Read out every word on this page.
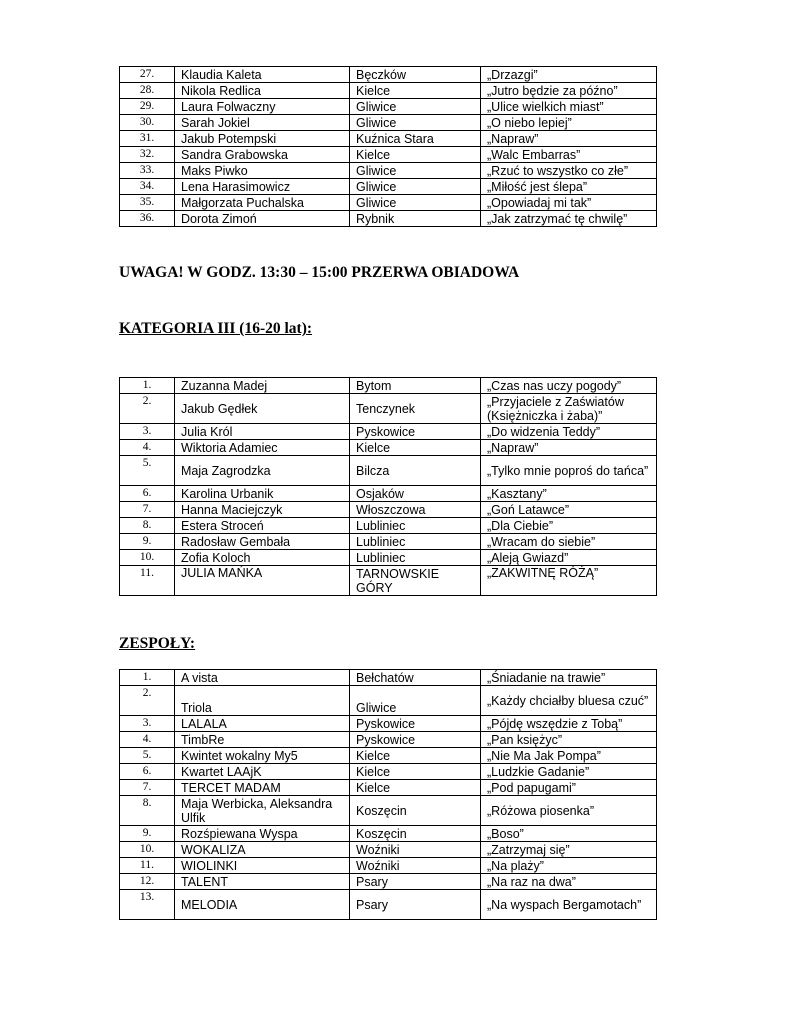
27.	Klaudia Kaleta	Bęczków	„Drzazgi”
28.	Nikola Redlica	Kielce	„Jutro będzie za późno”
29.	Laura Folwaczny	Gliwice	„Ulice wielkich miast”
30.	Sarah Jokiel	Gliwice	„O niebo lepiej”
31.	Jakub Potempski	Kuźnica Stara	„Napraw”
32.	Sandra Grabowska	Kielce	„Walc Embarras”
33.	Maks Piwko	Gliwice	„Rzuć to wszystko co złe”
34.	Lena Harasimowicz	Gliwice	„Miłość jest ślepa”
35.	Małgorzata Puchalska	Gliwice	„Opowiadaj mi tak”
36.	Dorota Zimoń	Rybnik	„Jak zatrzymać tę chwilę”

UWAGA! W GODZ. 13:30 – 15:00 PRZERWA OBIADOWA

KATEGORIA III (16-20 lat):

1.	Zuzanna Madej	Bytom	„Czas nas uczy pogody”
2.	Jakub Gędłek	Tenczynek	„Przyjaciele z Zaświatów (Księżniczka i żaba)”
3.	Julia Król	Pyskowice	„Do widzenia Teddy”
4.	Wiktoria Adamiec	Kielce	„Napraw”
5.	Maja Zagrodzka	Bilcza	„Tylko mnie poproś do tańca”
6.	Karolina Urbanik	Osjaków	„Kasztany”
7.	Hanna Maciejczyk	Włoszczowa	„Goń Latawce”
8.	Estera Stroceń	Lubliniec	„Dla Ciebie”
9.	Radosław Gembała	Lubliniec	„Wracam do siebie”
10.	Zofia Koloch	Lubliniec	„Aleją Gwiazd”
11.	JULIA MAŃKA	TARNOWSKIE GÓRY	„ZAKWITNĘ RÓŻĄ”

ZESPOŁY:

1.	A vista	Bełchatów	„Śniadanie na trawie”
2.	Triola	Gliwice	„Każdy chciałby bluesa czuć”
3.	LALALA	Pyskowice	„Pójdę wszędzie z Tobą”
4.	TimbRe	Pyskowice	„Pan księżyc”
5.	Kwintet wokalny My5	Kielce	„Nie Ma Jak Pompa”
6.	Kwartet LAAjK	Kielce	„Ludzkie Gadanie”
7.	TERCET MADAM	Kielce	„Pod papugami”
8.	Maja Werbicka, Aleksandra Ulfik	Koszęcin	„Różowa piosenka”
9.	Rozśpiewana Wyspa	Koszęcin	„Boso”
10.	WOKALIZA	Woźniki	„Zatrzymaj się”
11.	WIOLINKI	Woźniki	„Na plaży”
12.	TALENT	Psary	„Na raz na dwa”
13.	MELODIA	Psary	„Na wyspach Bergamotach”
